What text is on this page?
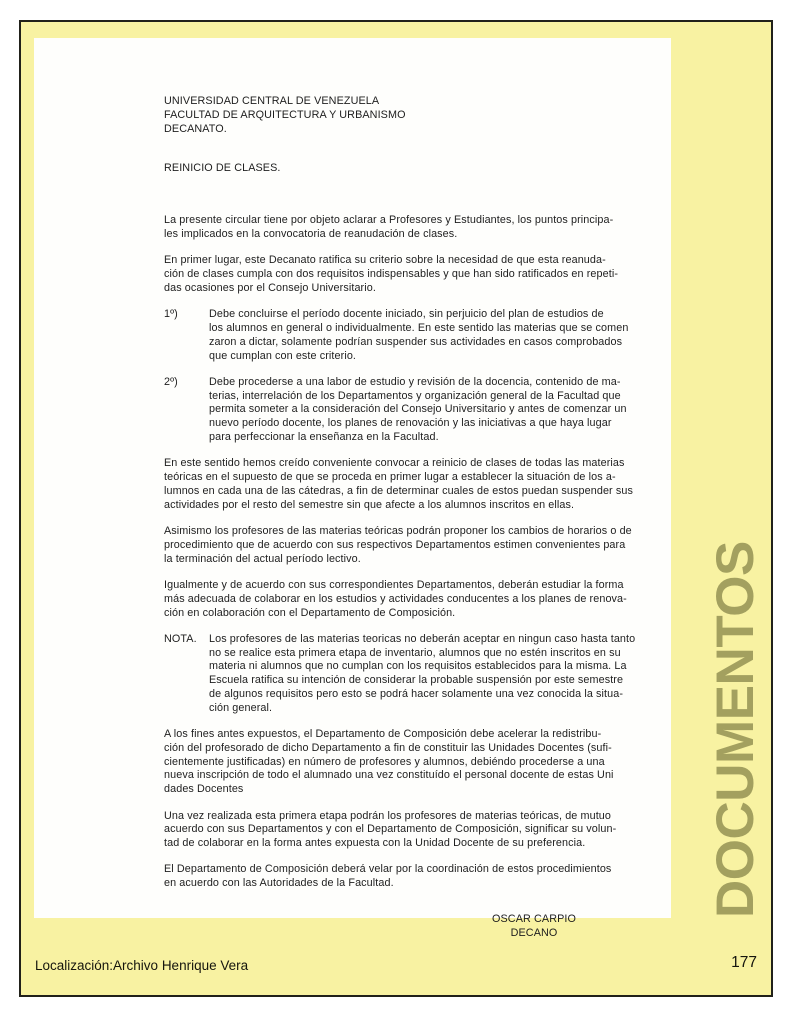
UNIVERSIDAD CENTRAL DE VENEZUELA
FACULTAD DE ARQUITECTURA Y URBANISMO
DECANATO.
REINICIO DE CLASES.
La presente circular tiene por objeto aclarar a Profesores y Estudiantes, los puntos principa-
les implicados en la convocatoria de reanudación de clases.
En primer lugar, este Decanato ratifica su criterio sobre la necesidad de que esta reanuda-
ción de clases cumpla con dos requisitos indispensables y que han sido ratificados en repeti-
das ocasiones por el Consejo Universitario.
1º)	Debe concluirse el período docente iniciado, sin perjuicio del plan de estudios de
los alumnos en general o individualmente. En este sentido las materias que se comen
zaron a dictar, solamente podrían suspender sus actividades en casos comprobados
que cumplan con este criterio.
2º)	Debe procederse a una labor de estudio y revisión de la docencia, contenido de ma-
terias, interrelación de los Departamentos y organización general de la Facultad que
permita someter a la consideración del Consejo Universitario y antes de comenzar un
nuevo período docente, los planes de renovación y las iniciativas a que haya lugar
para perfeccionar la enseñanza en la Facultad.
En este sentido hemos creído conveniente convocar a reinicio de clases de todas las materias
teóricas en el supuesto de que se proceda en primer lugar a establecer la situación de los a-
lumnos en cada una de las cátedras, a fin de determinar cuales de estos puedan suspender sus
actividades por el resto del semestre sin que afecte a los alumnos inscritos en ellas.
Asimismo los profesores de las materias teóricas podrán proponer los cambios de horarios o de
procedimiento que de acuerdo con sus respectivos Departamentos estimen convenientes para
la terminación del actual período lectivo.
Igualmente y de acuerdo con sus correspondientes Departamentos, deberán estudiar la forma
más adecuada de colaborar en los estudios y actividades conducentes a los planes de renova-
ción en colaboración con el Departamento de Composición.
NOTA. Los profesores de las materias teoricas no deberán aceptar en ningun caso hasta tanto
no se realice esta primera etapa de inventario, alumnos que no estén inscritos en su
materia ni alumnos que no cumplan con los requisitos establecidos para la misma. La
Escuela ratifica su intención de considerar la probable suspensión por este semestre
de algunos requisitos pero esto se podrá hacer solamente una vez conocida la situa-
ción general.
A los fines antes expuestos, el Departamento de Composición debe acelerar la redistribu-
ción del profesorado de dicho Departamento a fin de constituir las Unidades Docentes (sufi-
cientemente justificadas) en número de profesores y alumnos, debiéndo procederse a una
nueva inscripción de todo el alumnado una vez constituído el personal docente de estas Uni
dades Docentes
Una vez realizada esta primera etapa podrán los profesores de materias teóricas, de mutuo
acuerdo con sus Departamentos y con el Departamento de Composición, significar su volun-
tad de colaborar en la forma antes expuesta con la Unidad Docente de su preferencia.
El Departamento de Composición deberá velar por la coordinación de estos procedimientos
en acuerdo con las Autoridades de la Facultad.
OSCAR CARPIO
DECANO
DOCUMENTOS
Localización:Archivo Henrique Vera	177
